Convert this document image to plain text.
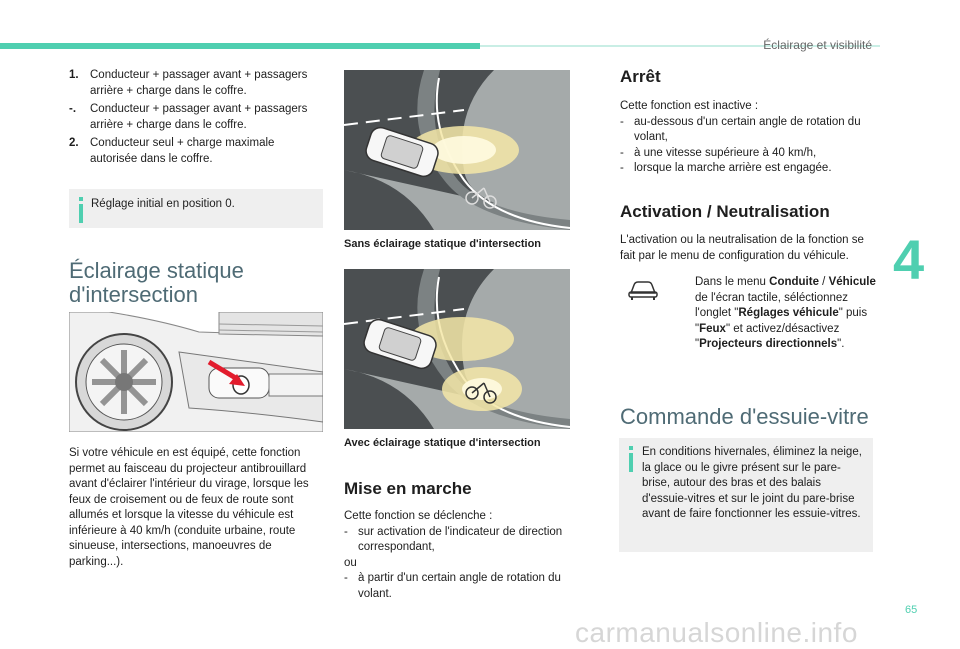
Éclairage et visibilité
4
1. Conducteur + passager avant + passagers arrière + charge dans le coffre.
-.	Conducteur + passager avant + passagers arrière + charge dans le coffre.
2. Conducteur seul + charge maximale autorisée dans le coffre.
Réglage initial en position 0.
Éclairage statique
d'intersection
Si votre véhicule en est équipé, cette fonction permet au faisceau du projecteur antibrouillard avant d'éclairer l'intérieur du virage, lorsque les feux de croisement ou de feux de route sont allumés et lorsque la vitesse du véhicule est inférieure à 40 km/h (conduite urbaine, route sinueuse, intersections, manoeuvres de parking...).
Sans éclairage statique d'intersection
Avec éclairage statique d'intersection
Mise en marche
Cette fonction se déclenche :
- sur activation de l'indicateur de direction correspondant,
ou
- à partir d'un certain angle de rotation du volant.
Arrêt
Cette fonction est inactive :
- au-dessous d'un certain angle de rotation du volant,
- à une vitesse supérieure à 40 km/h,
- lorsque la marche arrière est engagée.
Activation / Neutralisation
L'activation ou la neutralisation de la fonction se fait par le menu de configuration du véhicule.
Dans le menu Conduite / Véhicule de l'écran tactile, séléctionnez l'onglet "Réglages véhicule" puis "Feux" et activez/désactivez "Projecteurs directionnels".
Commande d'essuie-vitre
En conditions hivernales, éliminez la neige, la glace ou le givre présent sur le pare-brise, autour des bras et des balais d'essuie-vitres et sur le joint du pare-brise avant de faire fonctionner les essuie-vitres.
65
carmanualsonline.info
